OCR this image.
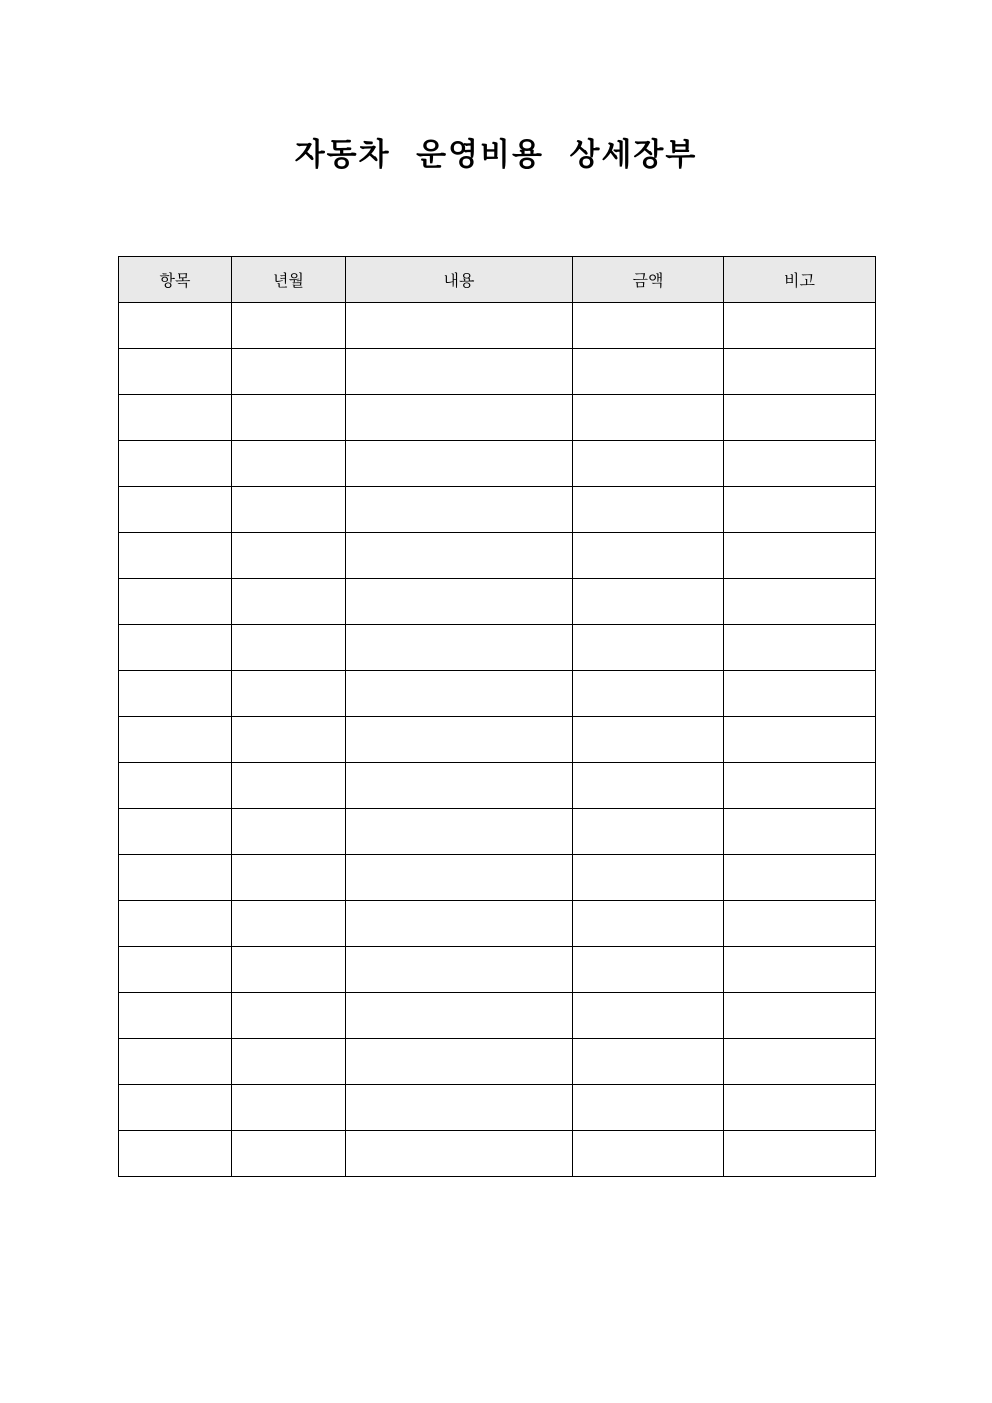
자동차  운영비용  상세장부
항목	년월	내용	금액	비고
